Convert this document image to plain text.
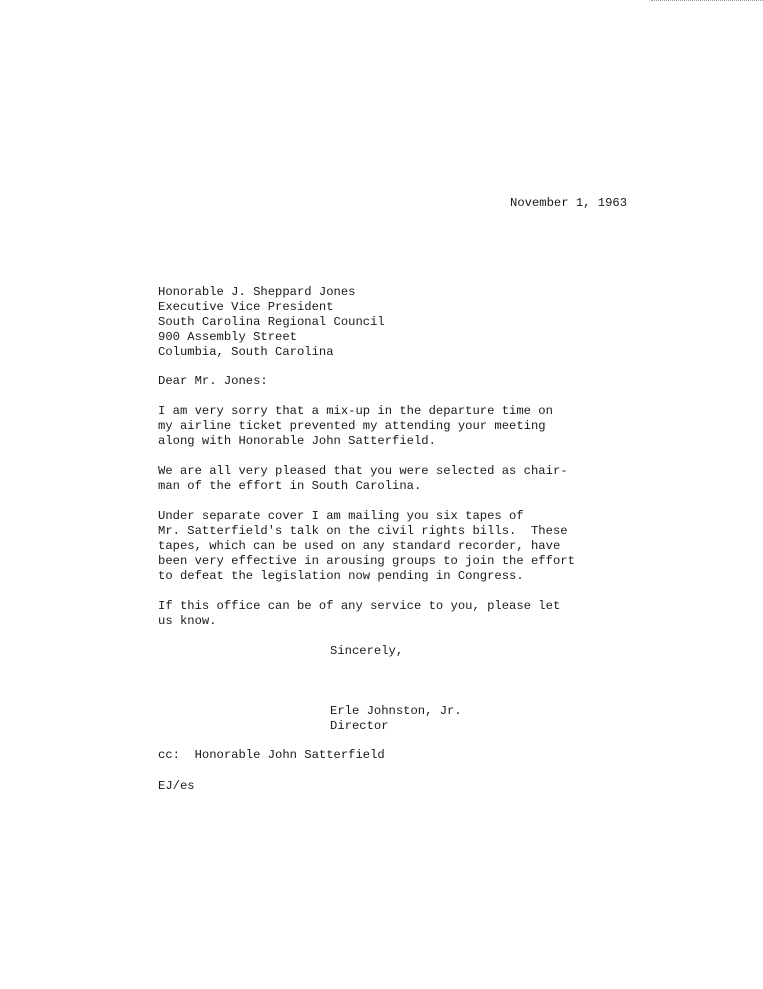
November 1, 1963
Honorable J. Sheppard Jones
Executive Vice President
South Carolina Regional Council
900 Assembly Street
Columbia, South Carolina
Dear Mr. Jones:
I am very sorry that a mix-up in the departure time on
my airline ticket prevented my attending your meeting
along with Honorable John Satterfield.
We are all very pleased that you were selected as chair-
man of the effort in South Carolina.
Under separate cover I am mailing you six tapes of
Mr. Satterfield's talk on the civil rights bills.  These
tapes, which can be used on any standard recorder, have
been very effective in arousing groups to join the effort
to defeat the legislation now pending in Congress.
If this office can be of any service to you, please let
us know.
Sincerely,
Erle Johnston, Jr.
Director
cc:  Honorable John Satterfield
EJ/es
